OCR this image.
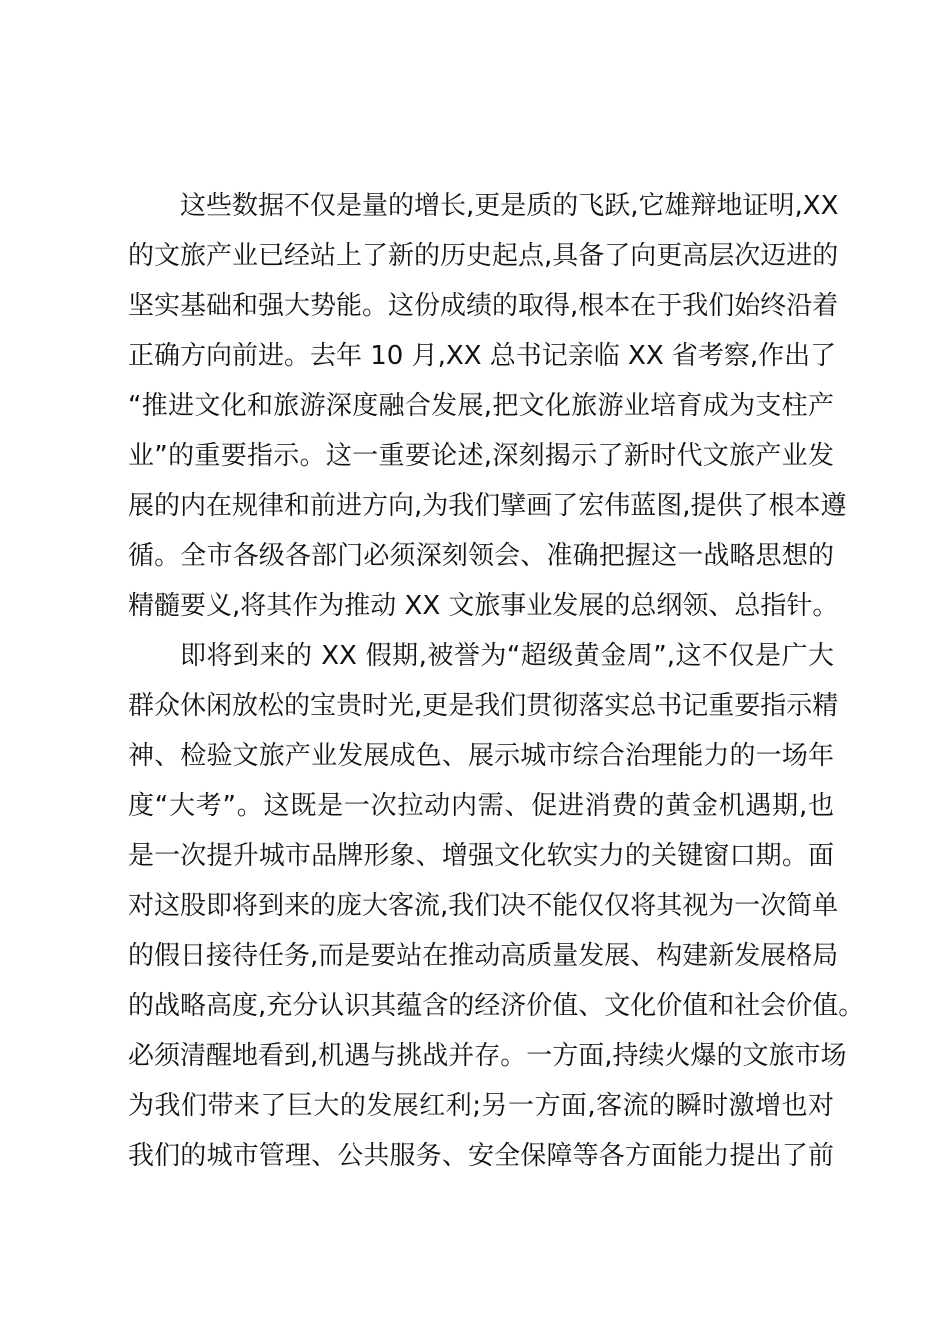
这些数据不仅是量的增长,更是质的飞跃,它雄辩地证明,XX
的文旅产业已经站上了新的历史起点,具备了向更高层次迈进的
坚实基础和强大势能。这份成绩的取得,根本在于我们始终沿着
正确方向前进。去年 10 月,XX 总书记亲临 XX 省考察,作出了
“推进文化和旅游深度融合发展,把文化旅游业培育成为支柱产
业”的重要指示。这一重要论述,深刻揭示了新时代文旅产业发
展的内在规律和前进方向,为我们擘画了宏伟蓝图,提供了根本遵
循。全市各级各部门必须深刻领会、准确把握这一战略思想的
精髓要义,将其作为推动 XX 文旅事业发展的总纲领、总指针。
即将到来的 XX 假期,被誉为“超级黄金周”,这不仅是广大
群众休闲放松的宝贵时光,更是我们贯彻落实总书记重要指示精
神、检验文旅产业发展成色、展示城市综合治理能力的一场年
度“大考”。这既是一次拉动内需、促进消费的黄金机遇期,也
是一次提升城市品牌形象、增强文化软实力的关键窗口期。面
对这股即将到来的庞大客流,我们决不能仅仅将其视为一次简单
的假日接待任务,而是要站在推动高质量发展、构建新发展格局
的战略高度,充分认识其蕴含的经济价值、文化价值和社会价值。
必须清醒地看到,机遇与挑战并存。一方面,持续火爆的文旅市场
为我们带来了巨大的发展红利;另一方面,客流的瞬时激增也对
我们的城市管理、公共服务、安全保障等各方面能力提出了前
